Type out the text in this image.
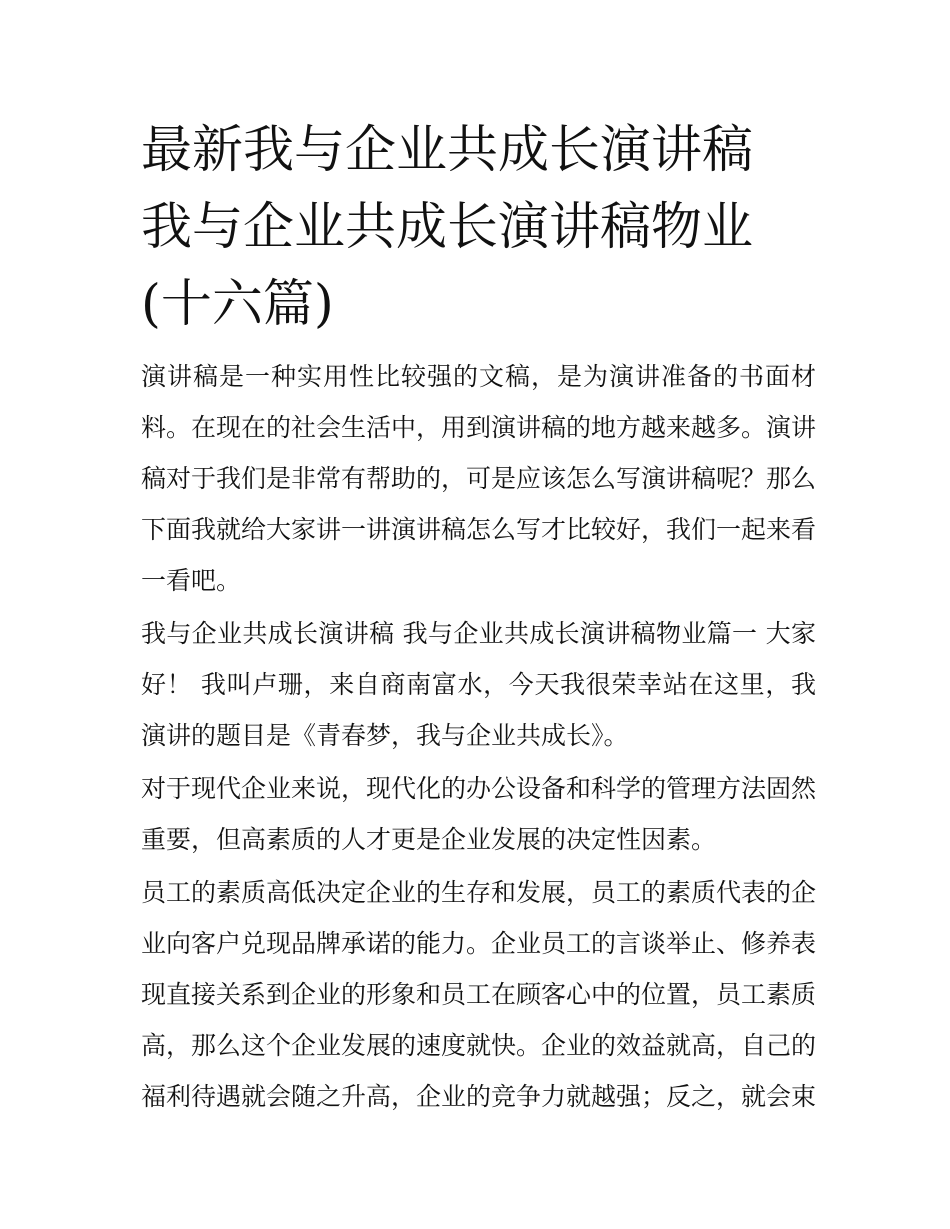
最新我与企业共成长演讲稿 我与企业共成长演讲稿物业(十六篇)

演讲稿是一种实用性比较强的文稿，是为演讲准备的书面材料。在现在的社会生活中，用到演讲稿的地方越来越多。演讲稿对于我们是非常有帮助的，可是应该怎么写演讲稿呢？那么下面我就给大家讲一讲演讲稿怎么写才比较好，我们一起来看一看吧。

我与企业共成长演讲稿 我与企业共成长演讲稿物业篇一 大家好！ 我叫卢珊，来自商南富水，今天我很荣幸站在这里，我演讲的题目是《青春梦，我与企业共成长》。

对于现代企业来说，现代化的办公设备和科学的管理方法固然重要，但高素质的人才更是企业发展的决定性因素。

员工的素质高低决定企业的生存和发展，员工的素质代表的企业向客户兑现品牌承诺的能力。企业员工的言谈举止、修养表现直接关系到企业的形象和员工在顾客心中的位置，员工素质高，那么这个企业发展的速度就快。企业的效益就高，自己的福利待遇就会随之升高，企业的竞争力就越强；反之，就会束
